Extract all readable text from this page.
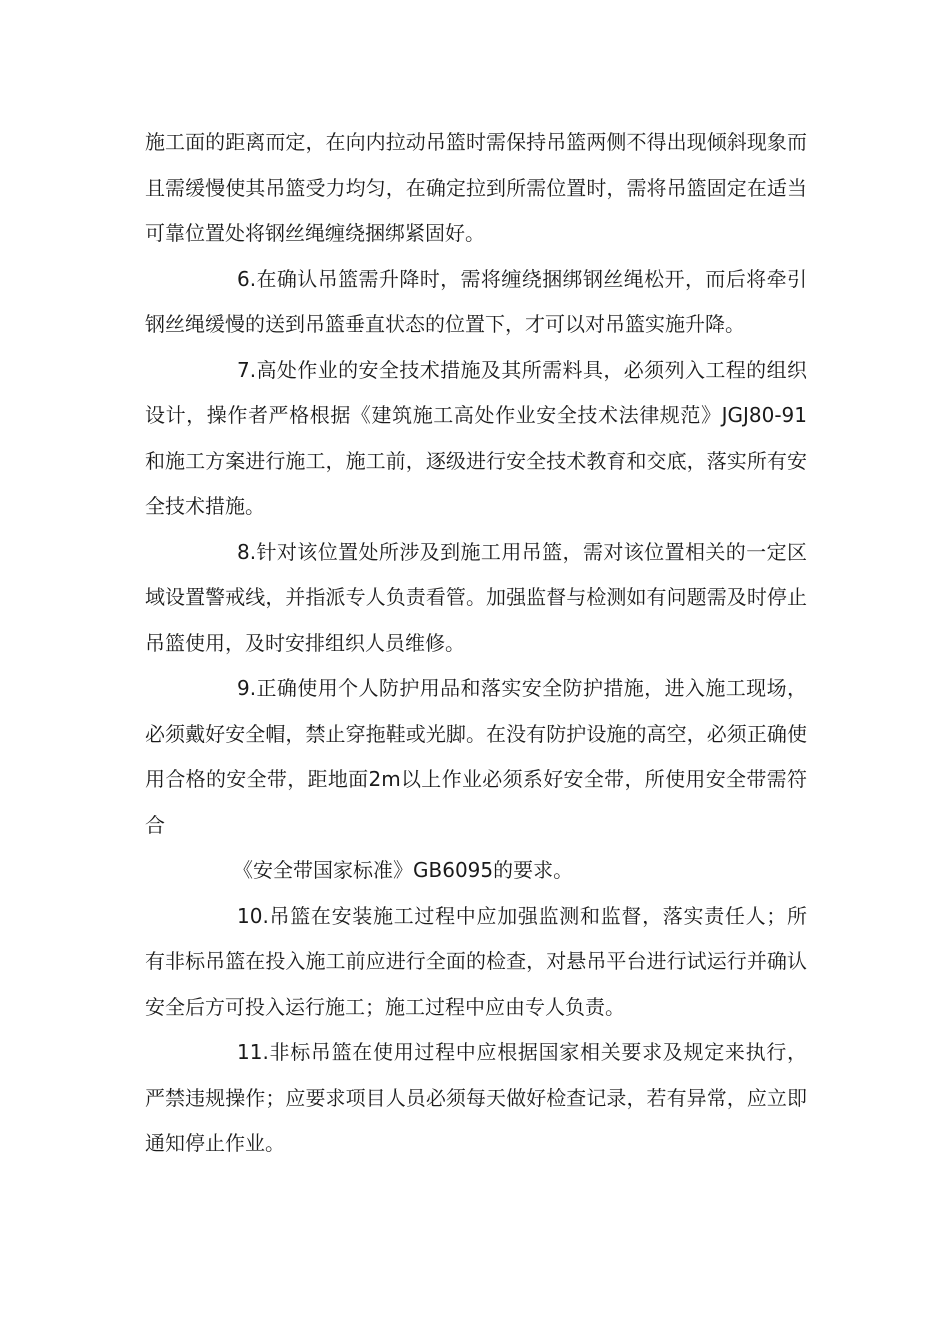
施工面的距离而定，在向内拉动吊篮时需保持吊篮两侧不得出现倾斜现象而且需缓慢使其吊篮受力均匀，在确定拉到所需位置时，需将吊篮固定在适当可靠位置处将钢丝绳缠绕捆绑紧固好。

6.在确认吊篮需升降时，需将缠绕捆绑钢丝绳松开，而后将牵引钢丝绳缓慢的送到吊篮垂直状态的位置下，才可以对吊篮实施升降。

7.高处作业的安全技术措施及其所需料具，必须列入工程的组织设计，操作者严格根据《建筑施工高处作业安全技术法律规范》JGJ80-91和施工方案进行施工，施工前，逐级进行安全技术教育和交底，落实所有安全技术措施。

8.针对该位置处所涉及到施工用吊篮，需对该位置相关的一定区域设置警戒线，并指派专人负责看管。加强监督与检测如有问题需及时停止吊篮使用，及时安排组织人员维修。

9.正确使用个人防护用品和落实安全防护措施，进入施工现场，必须戴好安全帽，禁止穿拖鞋或光脚。在没有防护设施的高空，必须正确使用合格的安全带，距地面2m以上作业必须系好安全带，所使用安全带需符合

《安全带国家标准》GB6095的要求。

10.吊篮在安装施工过程中应加强监测和监督，落实责任人；所有非标吊篮在投入施工前应进行全面的检查，对悬吊平台进行试运行并确认安全后方可投入运行施工；施工过程中应由专人负责。

11.非标吊篮在使用过程中应根据国家相关要求及规定来执行，严禁违规操作；应要求项目人员必须每天做好检查记录，若有异常，应立即通知停止作业。
